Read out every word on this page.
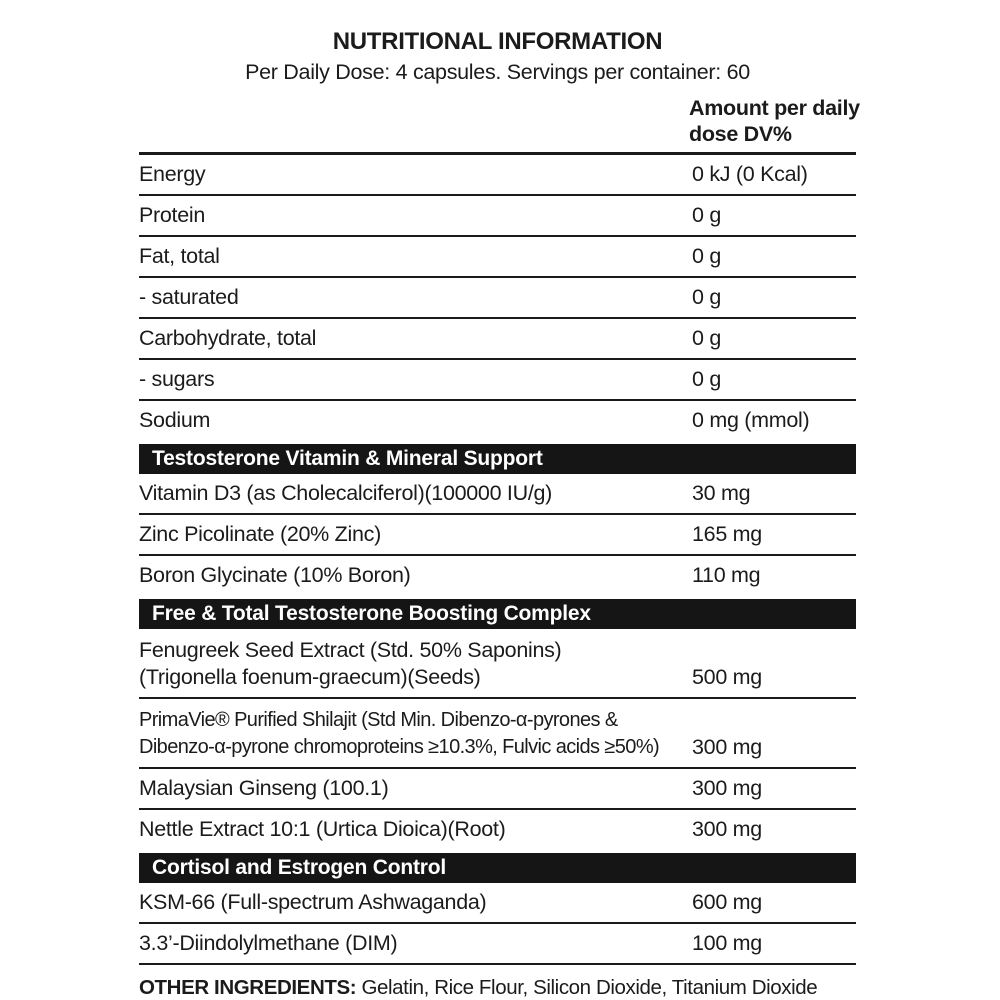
NUTRITIONAL INFORMATION
Per Daily Dose: 4 capsules. Servings per container: 60
Amount per daily dose DV%
Energy	0 kJ (0 Kcal)
Protein	0 g
Fat, total	0 g
- saturated	0 g
Carbohydrate, total	0 g
- sugars	0 g
Sodium	0 mg (mmol)
Testosterone Vitamin & Mineral Support
Vitamin D3 (as Cholecalciferol)(100000 IU/g)	30 mg
Zinc Picolinate (20% Zinc)	165 mg
Boron Glycinate (10% Boron)	110 mg
Free & Total Testosterone Boosting Complex
Fenugreek Seed Extract (Std. 50% Saponins)
(Trigonella foenum-graecum)(Seeds)	500 mg
PrimaVie® Purified Shilajit (Std Min. Dibenzo-α-pyrones &
Dibenzo-α-pyrone chromoproteins ≥10.3%, Fulvic acids ≥50%)	300 mg
Malaysian Ginseng (100.1)	300 mg
Nettle Extract 10:1 (Urtica Dioica)(Root)	300 mg
Cortisol and Estrogen Control
KSM-66 (Full-spectrum Ashwaganda)	600 mg
3.3’-Diindolylmethane (DIM)	100 mg
OTHER INGREDIENTS: Gelatin, Rice Flour, Silicon Dioxide, Titanium Dioxide
